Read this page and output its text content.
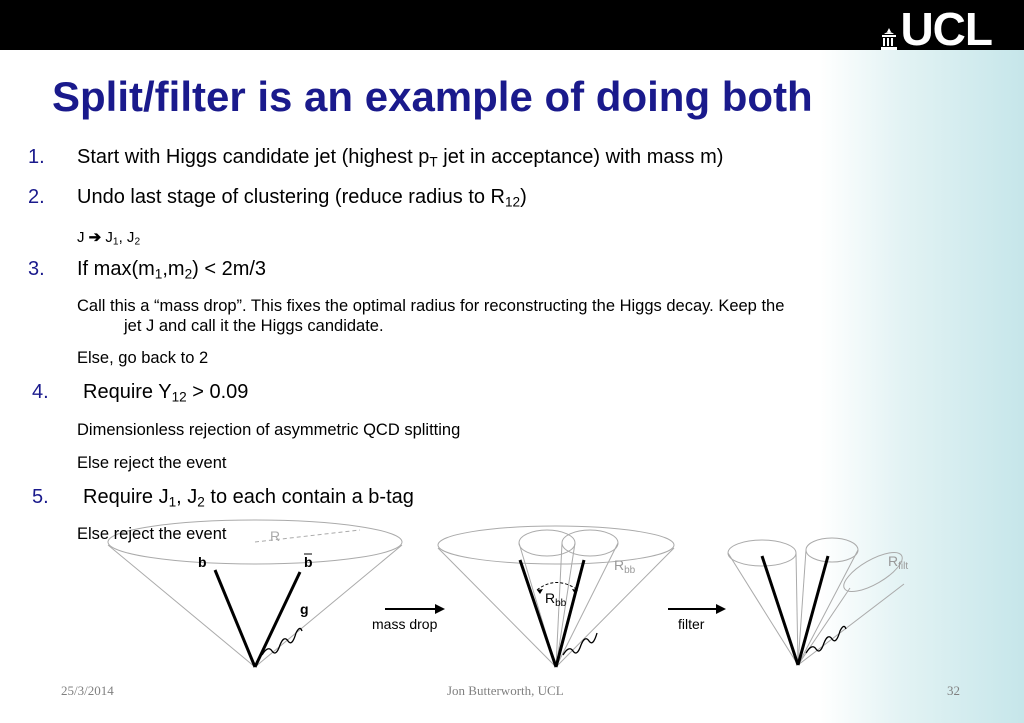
UCL
Split/filter is an example of doing both
1. Start with Higgs candidate jet (highest $p_T$ jet in acceptance) with mass m)
2. Undo last stage of clustering (reduce radius to $R_{12}$)
J ➔ $J_1$, $J_2$
3. If $\max(m_1,m_2) < 2m/3$
Call this a “mass drop”. This fixes the optimal radius for reconstructing the Higgs decay. Keep the
jet J and call it the Higgs candidate.
Else, go back to 2
4. Require $Y_{12} > 0.09$
Dimensionless rejection of asymmetric QCD splitting
Else reject the event
5. Require $J_1$, $J_2$ to each contain a b-tag
R
b	b
g
mass drop
$R_{bb}$
$R_{bb}$
filter
$R_{filt}$
Else reject the event
25/3/2014	Jon Butterworth, UCL	32
